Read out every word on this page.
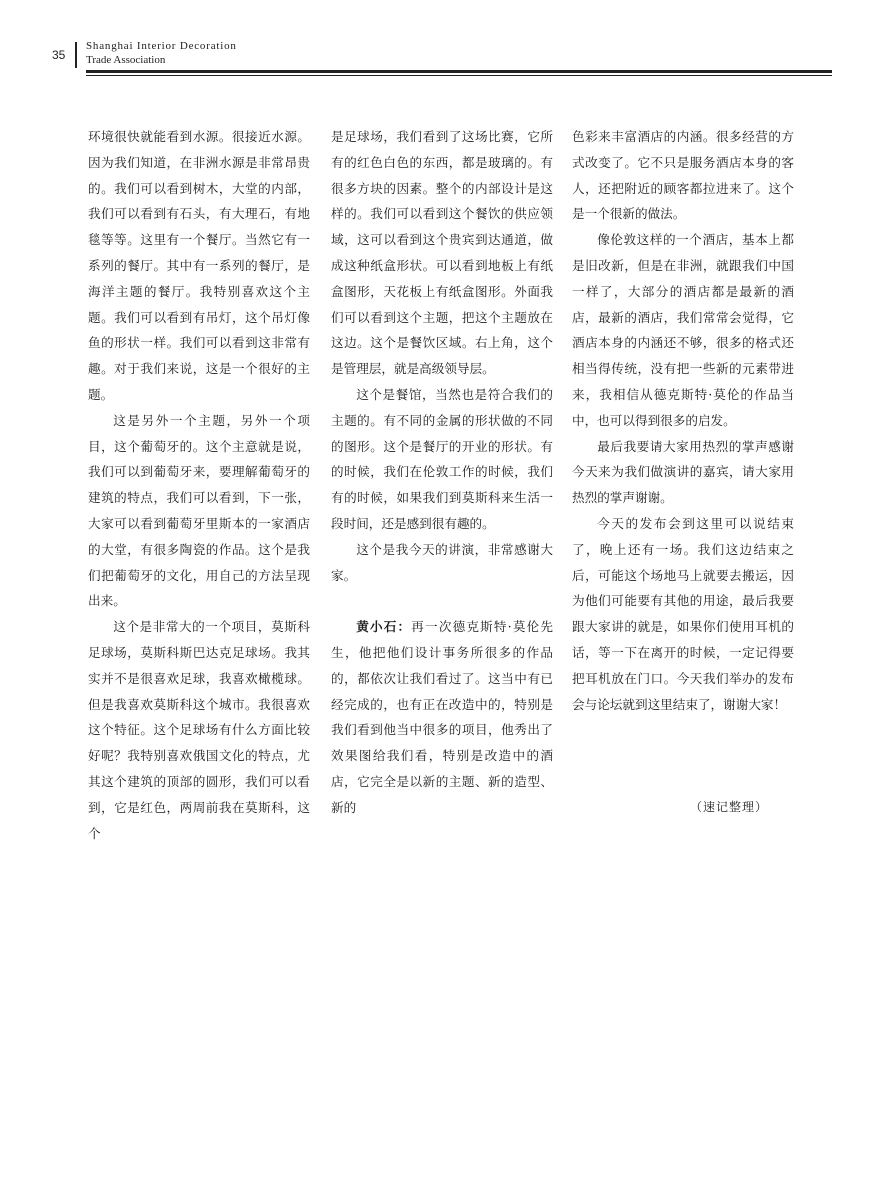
35
Shanghai Interior Decoration
Trade Association

环境很快就能看到水源。很接近水源。因为我们知道，在非洲水源是非常昂贵的。我们可以看到树木，大堂的内部，我们可以看到有石头，有大理石，有地毯等等。这里有一个餐厅。当然它有一系列的餐厅。其中有一系列的餐厅，是海洋主题的餐厅。我特别喜欢这个主题。我们可以看到有吊灯，这个吊灯像鱼的形状一样。我们可以看到这非常有趣。对于我们来说，这是一个很好的主题。

这是另外一个主题，另外一个项目，这个葡萄牙的。这个主意就是说，我们可以到葡萄牙来，要理解葡萄牙的建筑的特点，我们可以看到，下一张，大家可以看到葡萄牙里斯本的一家酒店的大堂，有很多陶瓷的作品。这个是我们把葡萄牙的文化，用自己的方法呈现出来。

这个是非常大的一个项目，莫斯科足球场，莫斯科斯巴达克足球场。我其实并不是很喜欢足球，我喜欢橄榄球。但是我喜欢莫斯科这个城市。我很喜欢这个特征。这个足球场有什么方面比较好呢？我特别喜欢俄国文化的特点，尤其这个建筑的顶部的圆形，我们可以看到，它是红色，两周前我在莫斯科，这个

是足球场，我们看到了这场比赛，它所有的红色白色的东西，都是玻璃的。有很多方块的因素。整个的内部设计是这样的。我们可以看到这个餐饮的供应领域，这可以看到这个贵宾到达通道，做成这种纸盒形状。可以看到地板上有纸盒图形，天花板上有纸盒图形。外面我们可以看到这个主题，把这个主题放在这边。这个是餐饮区域。右上角，这个是管理层，就是高级领导层。

这个是餐馆，当然也是符合我们的主题的。有不同的金属的形状做的不同的图形。这个是餐厅的开业的形状。有的时候，我们在伦敦工作的时候，我们有的时候，如果我们到莫斯科来生活一段时间，还是感到很有趣的。

这个是我今天的讲演，非常感谢大家。

黄小石：再一次德克斯特·莫伦先生，他把他们设计事务所很多的作品的，都依次让我们看过了。这当中有已经完成的，也有正在改造中的，特别是我们看到他当中很多的项目，他秀出了效果图给我们看，特别是改造中的酒店，它完全是以新的主题、新的造型、新的

色彩来丰富酒店的内涵。很多经营的方式改变了。它不只是服务酒店本身的客人，还把附近的顾客都拉进来了。这个是一个很新的做法。

像伦敦这样的一个酒店，基本上都是旧改新，但是在非洲，就跟我们中国一样了，大部分的酒店都是最新的酒店，最新的酒店，我们常常会觉得，它酒店本身的内涵还不够，很多的格式还相当得传统，没有把一些新的元素带进来，我相信从德克斯特·莫伦的作品当中，也可以得到很多的启发。

最后我要请大家用热烈的掌声感谢今天来为我们做演讲的嘉宾，请大家用热烈的掌声谢谢。

今天的发布会到这里可以说结束了，晚上还有一场。我们这边结束之后，可能这个场地马上就要去搬运，因为他们可能要有其他的用途，最后我要跟大家讲的就是，如果你们使用耳机的话，等一下在离开的时候，一定记得要把耳机放在门口。今天我们举办的发布会与论坛就到这里结束了，谢谢大家！

（速记整理）
